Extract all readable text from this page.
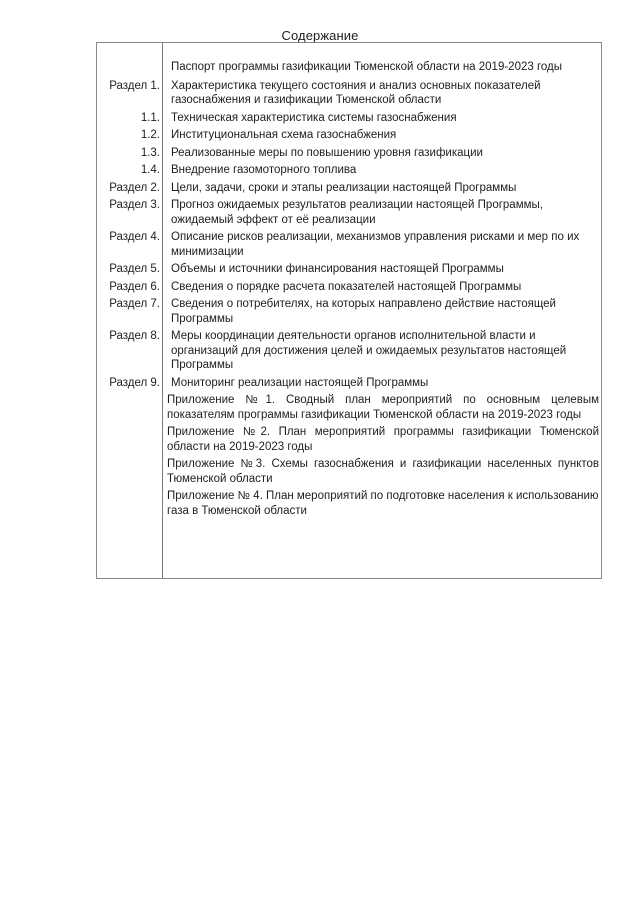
Содержание
Паспорт программы газификации Тюменской области на 2019-2023 годы
Раздел 1. Характеристика текущего состояния и анализ основных показателей газоснабжения и газификации Тюменской области
1.1. Техническая характеристика системы газоснабжения
1.2. Институциональная схема газоснабжения
1.3. Реализованные меры по повышению уровня газификации
1.4. Внедрение газомоторного топлива
Раздел 2. Цели, задачи, сроки и этапы реализации настоящей Программы
Раздел 3. Прогноз ожидаемых результатов реализации настоящей Программы, ожидаемый эффект от её реализации
Раздел 4. Описание рисков реализации, механизмов управления рисками и мер по их минимизации
Раздел 5. Объемы и источники финансирования настоящей Программы
Раздел 6. Сведения о порядке расчета показателей настоящей Программы
Раздел 7. Сведения о потребителях, на которых направлено действие настоящей Программы
Раздел 8. Меры координации деятельности органов исполнительной власти и организаций для достижения целей и ожидаемых результатов настоящей Программы
Раздел 9. Мониторинг реализации настоящей Программы
Приложение №1. Сводный план мероприятий по основным целевым показателям программы газификации Тюменской области на 2019-2023 годы
Приложение №2. План мероприятий программы газификации Тюменской области на 2019-2023 годы
Приложение №3. Схемы газоснабжения и газификации населенных пунктов Тюменской области
Приложение № 4. План мероприятий по подготовке населения к использованию газа в Тюменской области
